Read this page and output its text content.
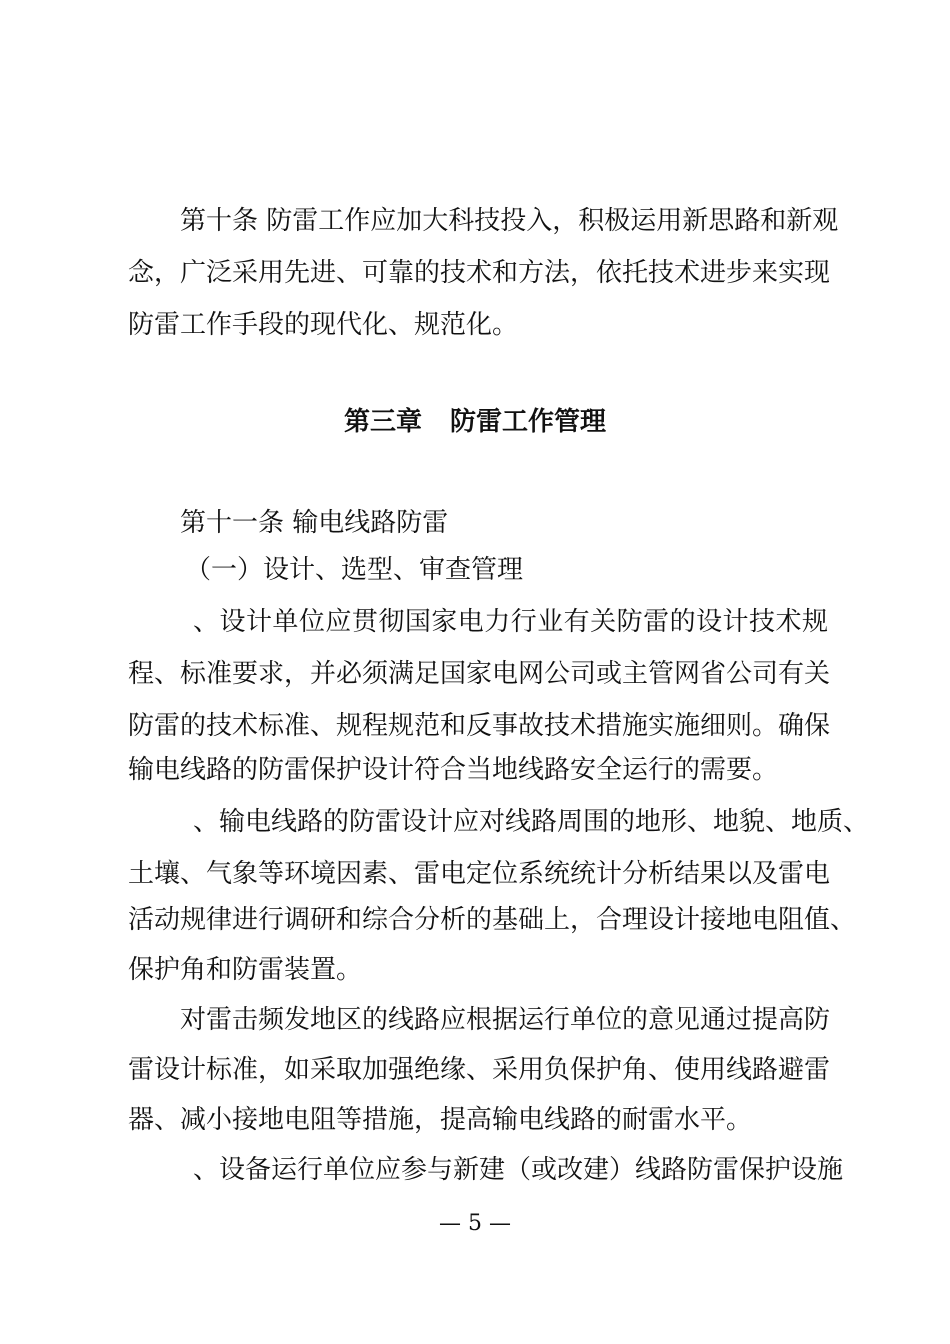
第十条 防雷工作应加大科技投入，积极运用新思路和新观
念，广泛采用先进、可靠的技术和方法，依托技术进步来实现
防雷工作手段的现代化、规范化。
第三章 防雷工作管理
第十一条 输电线路防雷
（一）设计、选型、审查管理
、设计单位应贯彻国家电力行业有关防雷的设计技术规
程、标准要求，并必须满足国家电网公司或主管网省公司有关
防雷的技术标准、规程规范和反事故技术措施实施细则。确保
输电线路的防雷保护设计符合当地线路安全运行的需要。
、输电线路的防雷设计应对线路周围的地形、地貌、地质、
土壤、气象等环境因素、雷电定位系统统计分析结果以及雷电
活动规律进行调研和综合分析的基础上，合理设计接地电阻值、
保护角和防雷装置。
对雷击频发地区的线路应根据运行单位的意见通过提高防
雷设计标准，如采取加强绝缘、采用负保护角、使用线路避雷
器、减小接地电阻等措施，提高输电线路的耐雷水平。
、设备运行单位应参与新建（或改建）线路防雷保护设施
— 5 —
